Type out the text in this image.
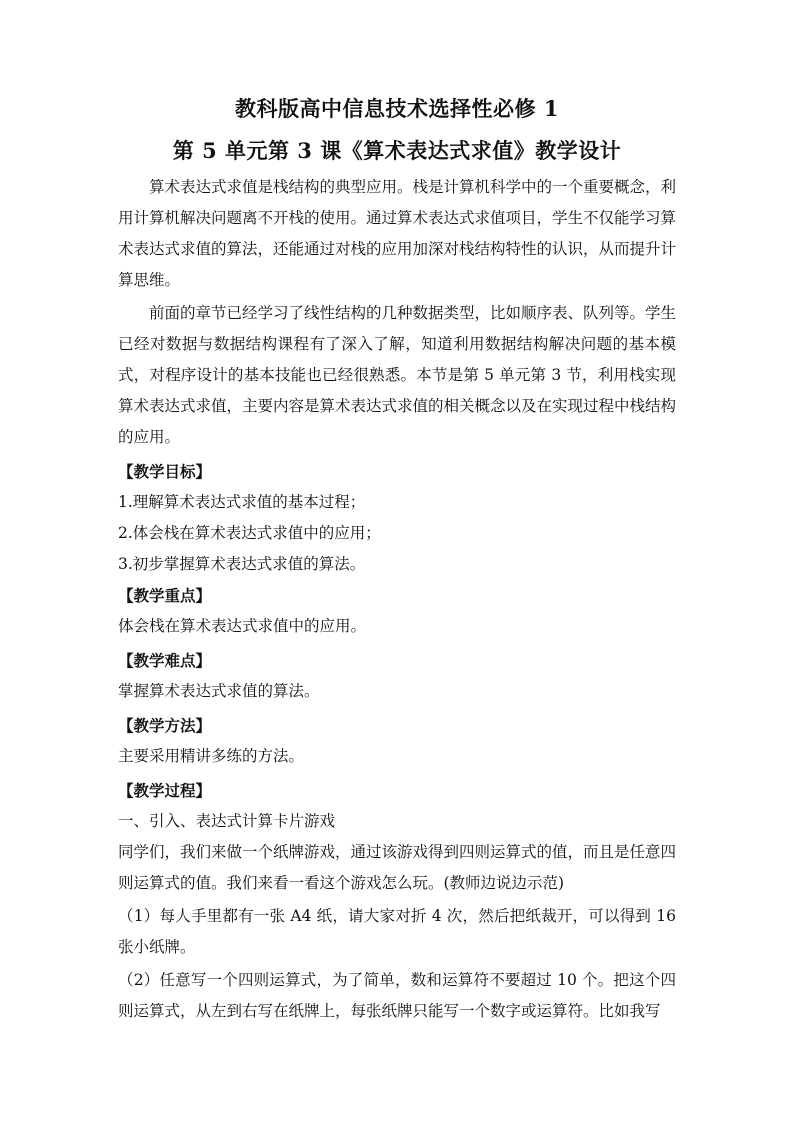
教科版高中信息技术选择性必修 1
第 5 单元第 3 课《算术表达式求值》教学设计

算术表达式求值是栈结构的典型应用。栈是计算机科学中的一个重要概念，利用计算机解决问题离不开栈的使用。通过算术表达式求值项目，学生不仅能学习算术表达式求值的算法，还能通过对栈的应用加深对栈结构特性的认识，从而提升计算思维。

前面的章节已经学习了线性结构的几种数据类型，比如顺序表、队列等。学生已经对数据与数据结构课程有了深入了解，知道利用数据结构解决问题的基本模式，对程序设计的基本技能也已经很熟悉。本节是第 5 单元第 3 节，利用栈实现算术表达式求值，主要内容是算术表达式求值的相关概念以及在实现过程中栈结构的应用。

【教学目标】

1.理解算术表达式求值的基本过程；

2.体会栈在算术表达式求值中的应用；

3.初步掌握算术表达式求值的算法。

【教学重点】

体会栈在算术表达式求值中的应用。

【教学难点】

掌握算术表达式求值的算法。

【教学方法】

主要采用精讲多练的方法。

【教学过程】

一、引入、表达式计算卡片游戏

同学们，我们来做一个纸牌游戏，通过该游戏得到四则运算式的值，而且是任意四则运算式的值。我们来看一看这个游戏怎么玩。(教师边说边示范)

（1）每人手里都有一张 A4 纸，请大家对折 4 次，然后把纸裁开，可以得到 16 张小纸牌。

（2）任意写一个四则运算式，为了简单，数和运算符不要超过 10 个。把这个四则运算式，从左到右写在纸牌上，每张纸牌只能写一个数字或运算符。比如我写
